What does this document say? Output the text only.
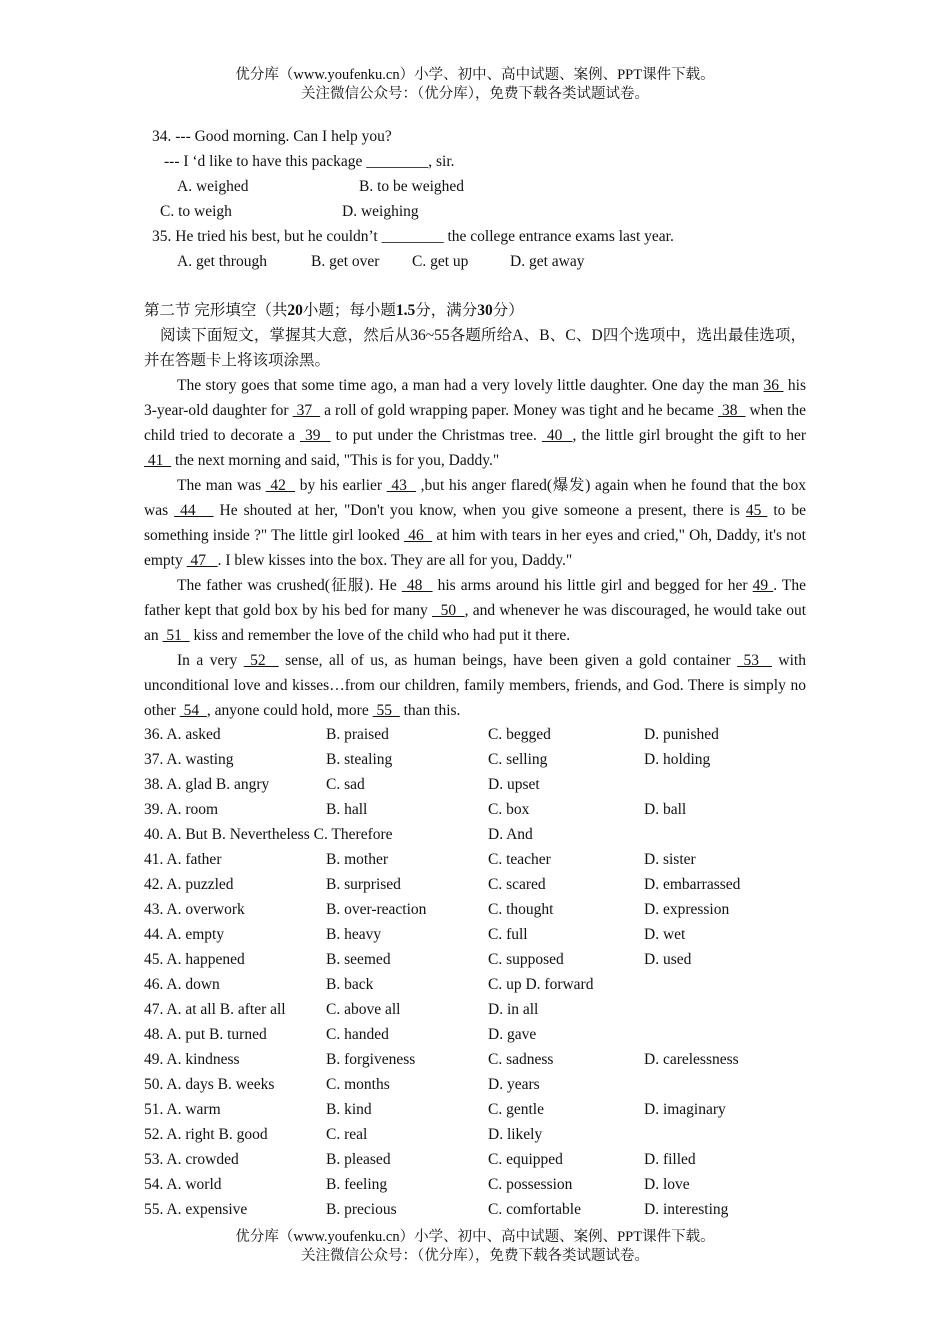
优分库（www.youfenku.cn）小学、初中、高中试题、案例、PPT课件下载。
关注微信公众号：（优分库），免费下载各类试题试卷。
34. --- Good morning. Can I help you?
--- I ‘d like to have this package ________, sir.
A. weighed	B. to be weighed
C. to weigh	D. weighing
35. He tried his best, but he couldn’t ________ the college entrance exams last year.
A. get through	B. get over C. get up	D. get away
第二节 完形填空（共20小题；每小题1.5分，满分30分）
阅读下面短文，掌握其大意，然后从36~55各题所给A、B、C、D四个选项中，选出最佳选项，并在答题卡上将该项涂黑。

The story goes that some time ago, a man had a very lovely little daughter. One day the man 36  his 3-year-old daughter for  37   a roll of gold wrapping paper. Money was tight and he became  38   when the child tried to decorate a  39   to put under the Christmas tree.  40  , the little girl brought the gift to her  41   the next morning and said, "This is for you, Daddy."

The man was  42   by his earlier  43   ,but his anger flared(爆发) again when he found that the box was  44    He shouted at her, "Don't you know, when you give someone a present, there is 45  to be something inside ?" The little girl looked  46   at him with tears in her eyes and cried," Oh, Daddy, it's not empty  47   . I blew kisses into the box. They are all for you, Daddy."

The father was crushed(征服). He  48   his arms around his little girl and begged for her 49 . The father kept that gold box by his bed for many   50  , and whenever he was discouraged, he would take out an  51   kiss and remember the love of the child who had put it there.

In a very  52   sense, all of us, as human beings, have been given a gold container  53   with unconditional love and kisses…from our children, family members, friends, and God. There is simply no other  54  , anyone could hold, more  55   than this.

36. A. asked	B. praised	C. begged	D. punished
37. A. wasting	B. stealing	C. selling	D. holding
38. A. glad B. angry	C. sad	D. upset
39. A. room	B. hall	C. box	D. ball
40. A. But B. Nevertheless C. Therefore	D. And
41. A. father	B. mother	C. teacher	D. sister
42. A. puzzled	B. surprised	C. scared	D. embarrassed
43. A. overwork	B. over-reaction	C. thought	D. expression
44. A. empty	B. heavy	C. full	D. wet
45. A. happened	B. seemed	C. supposed	D. used
46. A. down	B. back	C. up D. forward
47. A. at all B. after all	C. above all	D. in all
48. A. put B. turned	C. handed	D. gave
49. A. kindness	B. forgiveness	C. sadness	D. carelessness
50. A. days B. weeks	C. months	D. years
51. A. warm	B. kind	C. gentle	D. imaginary
52. A. right B. good	C. real	D. likely
53. A. crowded	B. pleased	C. equipped	D. filled
54. A. world	B. feeling	C. possession	D. love
55. A. expensive	B. precious	C. comfortable	D. interesting
优分库（www.youfenku.cn）小学、初中、高中试题、案例、PPT课件下载。
关注微信公众号：（优分库），免费下载各类试题试卷。
